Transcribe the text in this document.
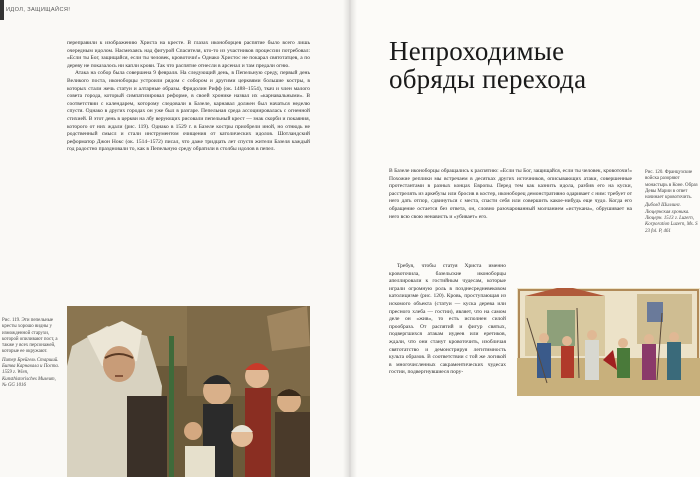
ИДОЛ, ЗАЩИЩАЙСЯ!

переправили к изображению Христа на кресте. В глазах иконоборцев распятие было всего лишь очередным идолом. Насмехаясь над фигурой Спасителя, кто-то из участников процессии потребовал: «Если ты Бог, защищайся, если ты человек, кровоточи!» Однако Христос не покарал святотатцев, а по дереву не показалось ни капли крови. Так что распятие отнесли в арсенал и там предали огню.

Атака на собор была совершена 9 февраля. На следующий день, в Пепельную среду, первый день Великого поста, иконоборцы устроили рядом с собором и другими церквями большие костры, в которых стали жечь статуи и алтарные образы. Фридолин Рифф (ок. 1488–1554), ткач и член малого совета города, который симпатизировал реформе, в своей хронике назвал их «карнавальными». В соответствии с календарем, которому следовали в Базеле, карнавал должен был начаться неделю спустя. Однако в других городах он уже был в разгаре. Пепельная среда ассоциировалась с огненной стихией. В этот день в церкви на лбу верующих рисовали пепельный крест — знак скорби и покаяния, которого от них ждали (рис. 119). Однако в 1529 г. в Базеле костры приобрели иной, но отнюдь не родственный смысл и стали инструментом очищения от католических идолов. Шотландский реформатор Джон Нокс (ок. 1514–1572) писал, что даже тридцать лет спустя жители Базеля каждый год радостно праздновали то, как в Пепельную среду обратили в столбы идолов в пепел.

Рис. 119. Эти пепельные кресты хорошо видны у изможденной старухи, которой опиливают пост, а также у всех персонажей, которые ее окружают.
Питер Брейгель Старший. Битва Карнавала и Поста. 1559 г. Wien, Kunsthistorisches Museum, № GG 1016
Непроходимые
обряды перехода

В Базеле иконоборцы обращались к распятию: «Если ты Бог, защищайся, если ты человек, кровоточи!» Похожие реплики мы встречаем в десятках других источников, описывающих атаки, совершенные протестантами в разных концах Европы. Перед тем как казнить идола, разбив его на куски, расстрелять из аркебузы или бросив в костер, иконоборец демонстративно одаривает с ним: требует от него дать отпор, сдвинуться с места, спасти себя или совершить какое-нибудь еще чудо. Когда его обращение остается без ответа, он, словно разочарованный молчанием «истукана», обрушивает на него всю свою ненависть и «убивает» его.

Требуя, чтобы статуя Христа именно кровоточила, базельские иконоборцы апеллировали к гостийным чудесам, которые играли огромную роль в позднесредневековом католицизме (рис. 120). Кровь, проступающая из искомого объекта (статуи — куска дерева или пресного хлеба — гостии), являет, что на самом деле он «жив», то есть исполнен силой прообраза. От распятий и фигур святых, подвергшихся атакам иудеев или еретиков, ждали, что они станут кровоточить, изобличая святотатство и демонстрируя легитимность культа образов. В соответствии с той же логикой в многочисленных сакраментических чудесах гостии, подвергнувшиеся пору-

Рис. 120. Французские войска разоряют монастырь в Коне. Образ Девы Марии в ответ начинает кровоточить.
Диболд Шиллинг. Люцернская хроника. Люцерн. 1513 г. Luzern, Korporation Luzern, Ms. S 23 fol. P, 461
